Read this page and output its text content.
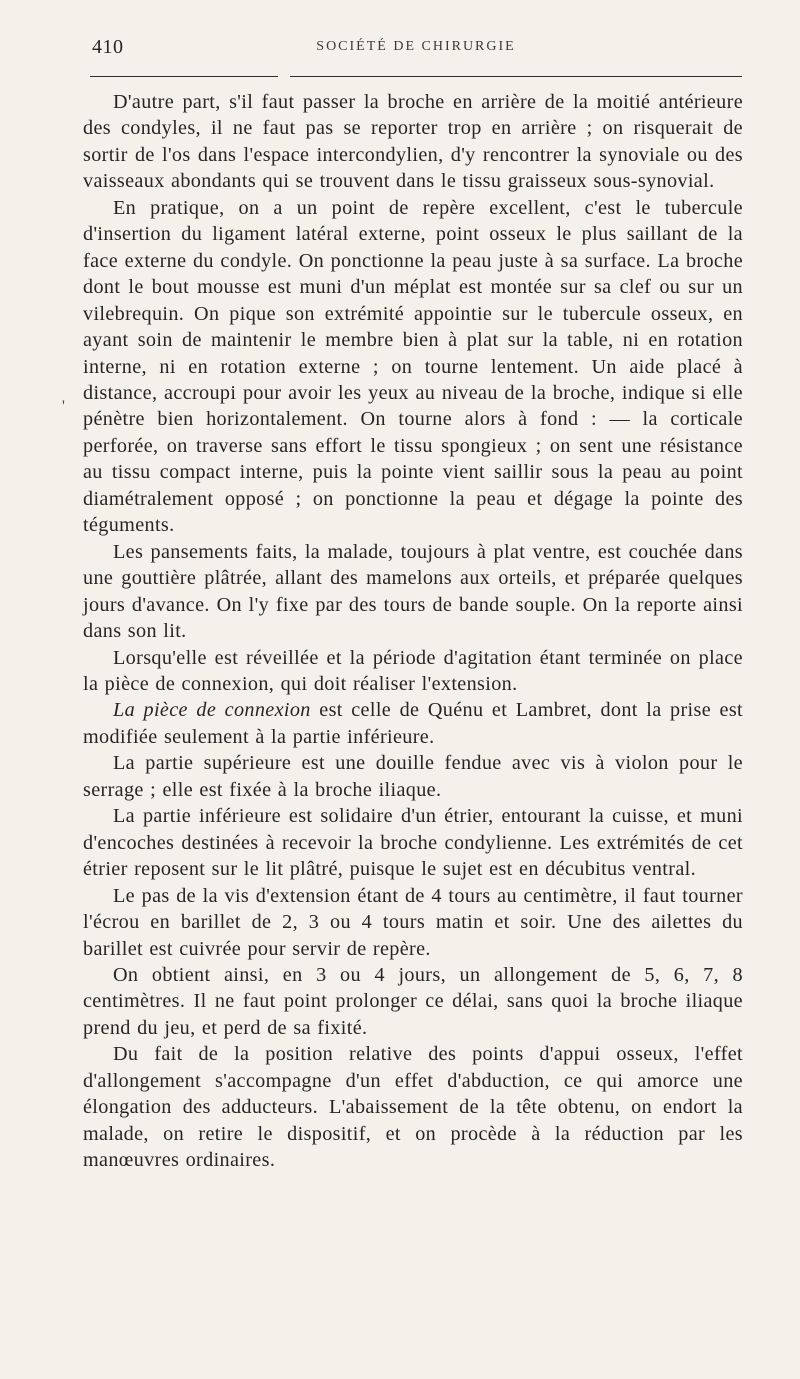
410	SOCIÉTÉ DE CHIRURGIE
'

D'autre part, s'il faut passer la broche en arrière de la moitié antérieure des condyles, il ne faut pas se reporter trop en arrière ; on risquerait de sortir de l'os dans l'espace intercondylien, d'y rencontrer la synoviale ou des vaisseaux abondants qui se trouvent dans le tissu graisseux sous-synovial.

En pratique, on a un point de repère excellent, c'est le tubercule d'insertion du ligament latéral externe, point osseux le plus saillant de la face externe du condyle. On ponctionne la peau juste à sa surface. La broche dont le bout mousse est muni d'un méplat est montée sur sa clef ou sur un vilebrequin. On pique son extrémité appointie sur le tubercule osseux, en ayant soin de maintenir le membre bien à plat sur la table, ni en rotation interne, ni en rotation externe ; on tourne lentement. Un aide placé à distance, accroupi pour avoir les yeux au niveau de la broche, indique si elle pénètre bien horizontalement. On tourne alors à fond : — la corticale perforée, on traverse sans effort le tissu spongieux ; on sent une résistance au tissu compact interne, puis la pointe vient saillir sous la peau au point diamétralement opposé ; on ponctionne la peau et dégage la pointe des téguments.

Les pansements faits, la malade, toujours à plat ventre, est couchée dans une gouttière plâtrée, allant des mamelons aux orteils, et préparée quelques jours d'avance. On l'y fixe par des tours de bande souple. On la reporte ainsi dans son lit.

Lorsqu'elle est réveillée et la période d'agitation étant terminée on place la pièce de connexion, qui doit réaliser l'extension.

La pièce de connexion est celle de Quénu et Lambret, dont la prise est modifiée seulement à la partie inférieure.

La partie supérieure est une douille fendue avec vis à violon pour le serrage ; elle est fixée à la broche iliaque.

La partie inférieure est solidaire d'un étrier, entourant la cuisse, et muni d'encoches destinées à recevoir la broche condylienne. Les extrémités de cet étrier reposent sur le lit plâtré, puisque le sujet est en décubitus ventral.

Le pas de la vis d'extension étant de 4 tours au centimètre, il faut tourner l'écrou en barillet de 2, 3 ou 4 tours matin et soir. Une des ailettes du barillet est cuivrée pour servir de repère.

On obtient ainsi, en 3 ou 4 jours, un allongement de 5, 6, 7, 8 centimètres. Il ne faut point prolonger ce délai, sans quoi la broche iliaque prend du jeu, et perd de sa fixité.

Du fait de la position relative des points d'appui osseux, l'effet d'allongement s'accompagne d'un effet d'abduction, ce qui amorce une élongation des adducteurs. L'abaissement de la tête obtenu, on endort la malade, on retire le dispositif, et on procède à la réduction par les manœuvres ordinaires.
